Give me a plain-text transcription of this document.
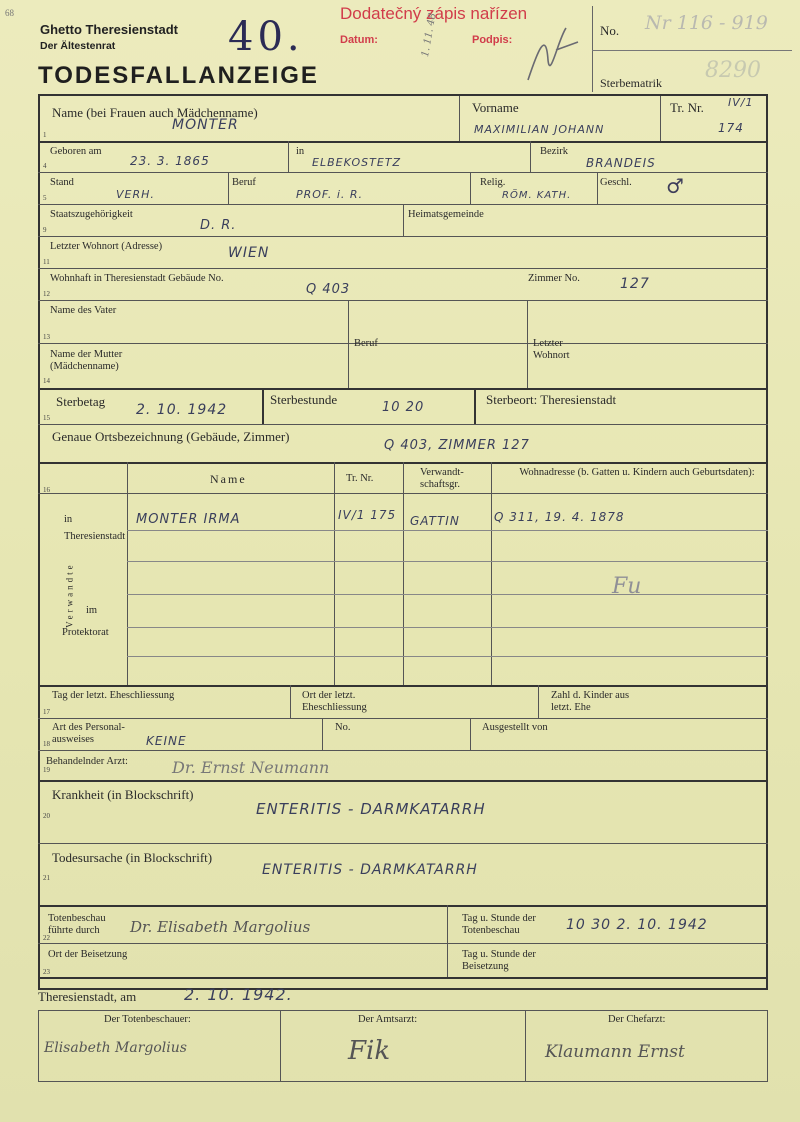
68
Ghetto Theresienstadt
Der Ältestenrat
TODESFALLANZEIGE
40.
Dodatečný zápis nařízen
Datum:	1. 11. 48	Podpis:
No. Nr 116 - 919
Sterbematrik 8290
Name (bei Frauen auch Mädchenname)
MONTER
Vorname
MAXIMILIAN JOHANN
Tr. Nr. IV/1
174
Geboren am
23. 3. 1865
in
ELBEKOSTETZ
Bezirk
BRANDEIS
Stand
VERH.
Beruf
PROF. i. R.
Relig.
RÖM. KATH.
Geschl. ♂
Staatszugehörigkeit
D. R.
Heimatsgemeinde
Letzter Wohnort (Adresse)	WIEN
Wohnhaft in Theresienstadt Gebäude No.
Q 403
Zimmer No.	127
Name des Vater
Name der Mutter (Mädchenname)
Beruf	Letzter Wohnort
Sterbetag
2. 10. 1942
Sterbestunde
10 20
Sterbeort: Theresienstadt
Genaue Ortsbezeichnung (Gebäude, Zimmer)
Q 403, ZIMMER 127
Name	Tr. Nr.
Verwandt-schaftsgr.
Wohnadresse (b. Gatten u. Kindern auch Geburtsdaten):
in Theresienstadt
im
Protektorat
Verwandte
MONTER IRMA	IV/1 175 GATTIN	Q 311, 19. 4. 1878
Fu
Tag der letzt. Eheschliessung	Ort der letzt. Eheschliessung
Zahl d. Kinder aus letzt. Ehe
Art des Personal-ausweises	KEINE
No.	Ausgestellt von
Behandelnder Arzt:	Dr. Ernst Neumann
Krankheit (in Blockschrift)
ENTERITIS - DARMKATARRH
Todesursache (in Blockschrift)
ENTERITIS - DARMKATARRH
Totenbeschau führte durch	Dr. Elisabeth Margolius	Tag u. Stunde der Totenbeschau	10 30 2. 10. 1942
Ort der Beisetzung	Tag u. Stunde der Beisetzung
Theresienstadt, am	2. 10. 1942.
Der Totenbeschauer:
Elisabeth Margolius
Der Amtsarzt:
Fik
Der Chefarzt:
Klaumann Ernst
1
4
5
9
11
12
13
14
15
16
17
18
19
20
21
22
23
